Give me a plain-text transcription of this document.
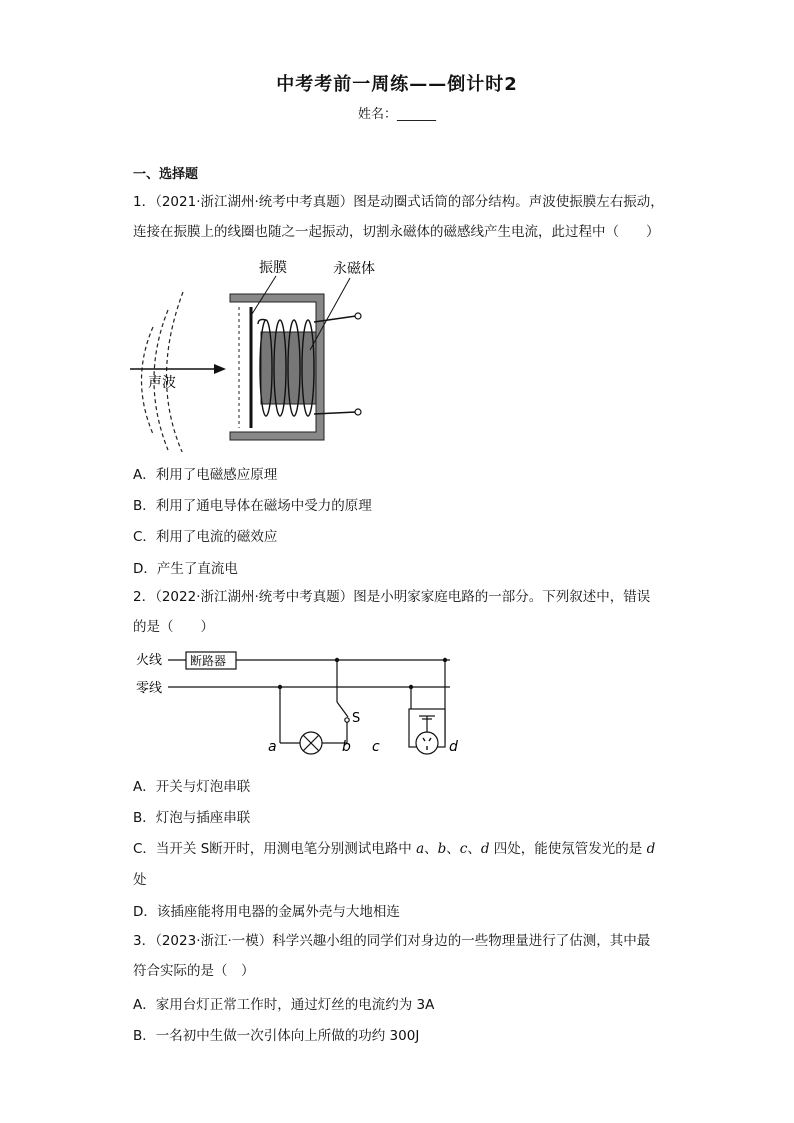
中考考前一周练——倒计时2
姓名：______
一、选择题
1．（2021·浙江湖州·统考中考真题）图是动圈式话筒的部分结构。声波使振膜左右振动，
连接在振膜上的线圈也随之一起振动，切割永磁体的磁感线产生电流，此过程中（　　）
声波
振膜	永磁体
A．利用了电磁感应原理
B．利用了通电导体在磁场中受力的原理
C．利用了电流的磁效应
D．产生了直流电
2．（2022·浙江湖州·统考中考真题）图是小明家家庭电路的一部分。下列叙述中，错误
的是（　　）
火线
零线
断路器
S
a	b c	d
A．开关与灯泡串联
B．灯泡与插座串联
C．当开关 S断开时，用测电笔分别测试电路中 a、b、c、d 四处，能使氖管发光的是 d
处
D．该插座能将用电器的金属外壳与大地相连
3．（2023·浙江·一模）科学兴趣小组的同学们对身边的一些物理量进行了估测，其中最
符合实际的是（　）
A．家用台灯正常工作时，通过灯丝的电流约为 3A
B．一名初中生做一次引体向上所做的功约 300J
